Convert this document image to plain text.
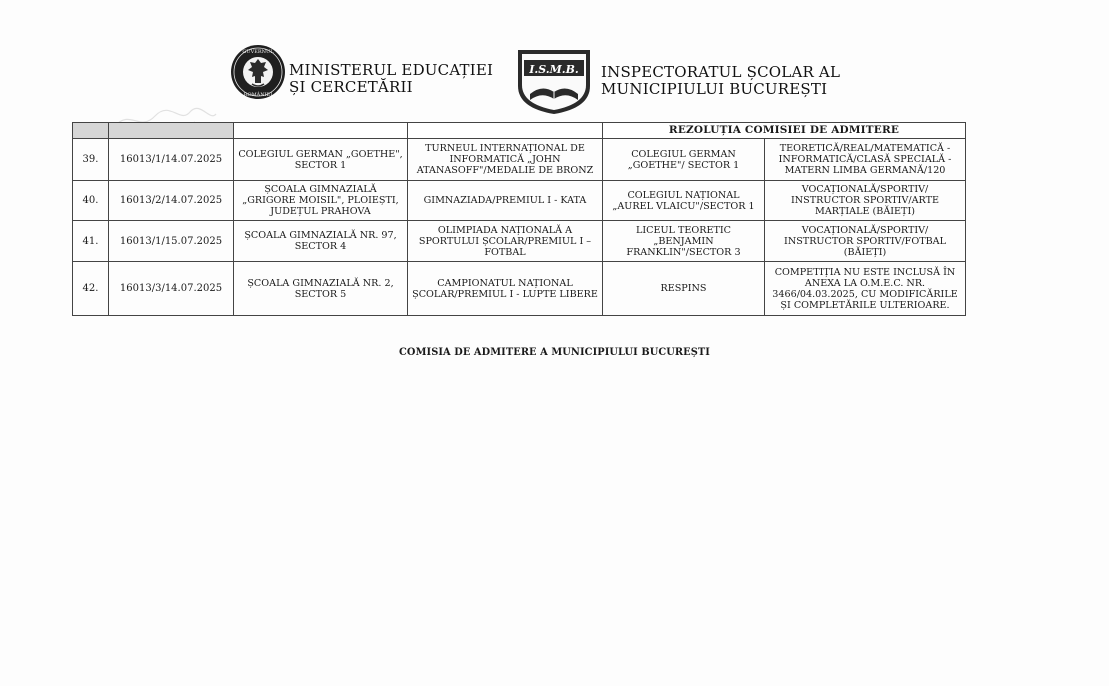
GUVERNUL
ROMÂNIEI
MINISTERUL EDUCAȚIEI
ȘI CERCETĂRII
I.S.M.B. INSPECTORATUL ȘCOLAR AL
MUNICIPIULUI BUCUREȘTI
				REZOLUȚIA COMISIEI DE ADMITERE	
39.	16013/1/14.07.2025	COLEGIUL GERMAN „GOETHE", SECTOR 1	TURNEUL INTERNAȚIONAL DE INFORMATICĂ „JOHN ATANASOFF"/MEDALIE DE BRONZ	COLEGIUL GERMAN „GOETHE"/ SECTOR 1	TEORETICĂ/REAL/MATEMATICĂ - INFORMATICĂ/CLASĂ SPECIALĂ - MATERN LIMBA GERMANĂ/120
40.	16013/2/14.07.2025	ȘCOALA GIMNAZIALĂ „GRIGORE MOISIL", PLOIEȘTI, JUDEȚUL PRAHOVA	GIMNAZIADA/PREMIUL I - KATA	COLEGIUL NAȚIONAL „AUREL VLAICU"/SECTOR 1	VOCAȚIONALĂ/SPORTIV/ INSTRUCTOR SPORTIV/ARTE MARȚIALE (BĂIEȚI)
41.	16013/1/15.07.2025	ȘCOALA GIMNAZIALĂ NR. 97, SECTOR 4	OLIMPIADA NAȚIONALĂ A SPORTULUI ȘCOLAR/PREMIUL I – FOTBAL	LICEUL TEORETIC „BENJAMIN FRANKLIN"/SECTOR 3	VOCAȚIONALĂ/SPORTIV/ INSTRUCTOR SPORTIV/FOTBAL (BĂIEȚI)
42.	16013/3/14.07.2025	ȘCOALA GIMNAZIALĂ NR. 2, SECTOR 5	CAMPIONATUL NAȚIONAL ȘCOLAR/PREMIUL I - LUPTE LIBERE	RESPINS	COMPETIȚIA NU ESTE INCLUSĂ ÎN ANEXA LA O.M.E.C. NR. 3466/04.03.2025, CU MODIFICĂRILE ȘI COMPLETĂRILE ULTERIOARE.
COMISIA DE ADMITERE A MUNICIPIULUI BUCUREȘTI
